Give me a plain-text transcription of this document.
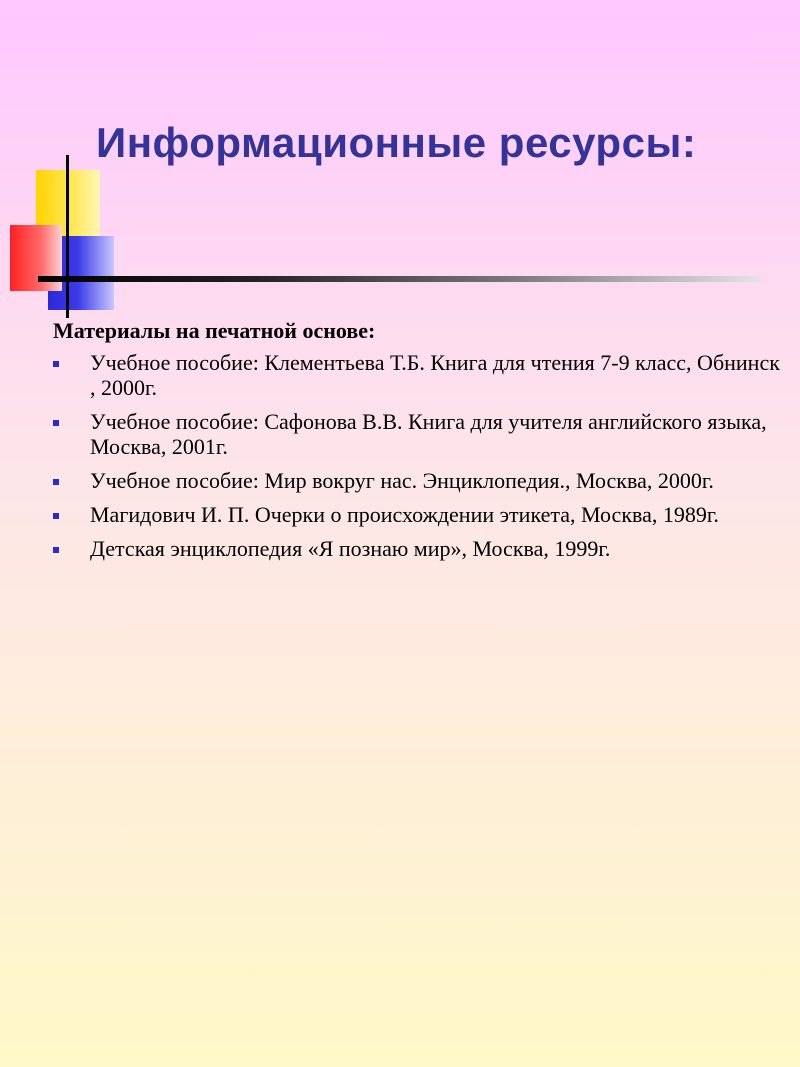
Информационные ресурсы:

Материалы на печатной основе:

Учебное пособие: Клементьева Т.Б. Книга для чтения 7-9 класс, Обнинск , 2000г.
Учебное пособие: Сафонова В.В. Книга для учителя английского языка, Москва, 2001г.
Учебное пособие: Мир вокруг нас. Энциклопедия., Москва, 2000г.
Магидович И. П. Очерки о происхождении этикета, Москва, 1989г.
Детская энциклопедия «Я познаю мир», Москва, 1999г.
